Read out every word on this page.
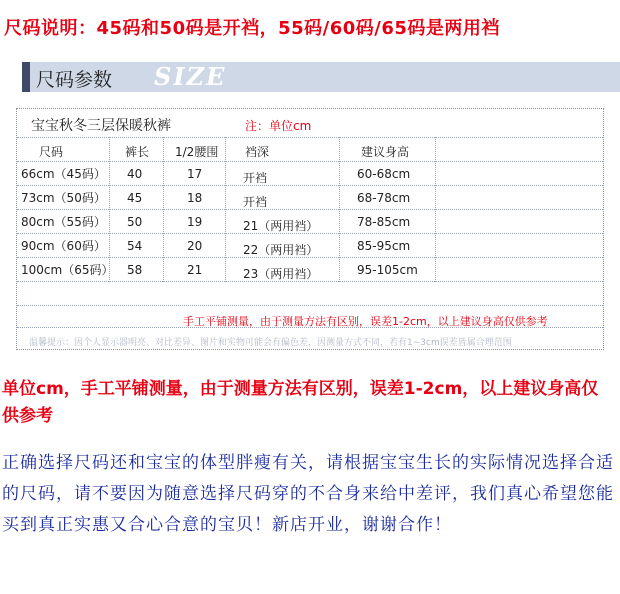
尺码说明：45码和50码是开裆，55码/60码/65码是两用裆
尺码参数 SIZE
宝宝秋冬三层保暖秋裤	注：单位cm
尺码	裤长 1/2腰围 裆深	建议身高
66cm（45码） 40	17	开裆	60-68cm
73cm（50码） 45	18	开裆	68-78cm
80cm（55码） 50	19	21（两用裆）	78-85cm
90cm（60码） 54	20	22（两用裆）	85-95cm
100cm（65码） 58	21	23（两用裆）	95-105cm
手工平铺测量，由于测量方法有区别，误差1-2cm，以上建议身高仅供参考
温馨提示：因个人显示器明亮、对比差异、图片和实物可能会有偏色差，因测量方式不同，若有1~3cm误差皆属合理范围
单位cm，手工平铺测量，由于测量方法有区别，误差1-2cm，以上建议身高仅供参考
正确选择尺码还和宝宝的体型胖瘦有关，请根据宝宝生长的实际情况选择合适的尺码，请不要因为随意选择尺码穿的不合身来给中差评，我们真心希望您能买到真正实惠又合心合意的宝贝！新店开业，谢谢合作！
